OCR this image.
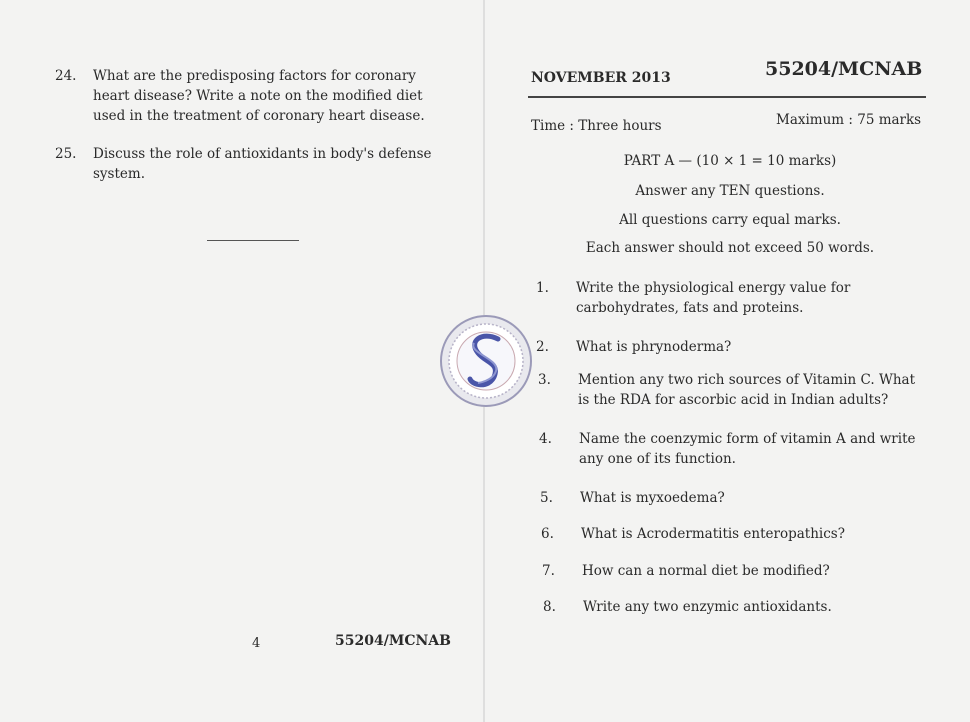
24. What are the predisposing factors for coronary heart disease? Write a note on the modified diet used in the treatment of coronary heart disease.
25. Discuss the role of antioxidants in body's defense system.
4	55204/MCNAB
NOVEMBER 2013	55204/MCNAB
Time : Three hours	Maximum : 75 marks
PART A — (10 × 1 = 10 marks)
Answer any TEN questions.
All questions carry equal marks.
Each answer should not exceed 50 words.
1. Write the physiological energy value for carbohydrates, fats and proteins.
2. What is phrynoderma?
3. Mention any two rich sources of Vitamin C. What is the RDA for ascorbic acid in Indian adults?
4. Name the coenzymic form of vitamin A and write any one of its function.
5. What is myxoedema?
6. What is Acrodermatitis enteropathics?
7. How can a normal diet be modified?
8. Write any two enzymic antioxidants.
